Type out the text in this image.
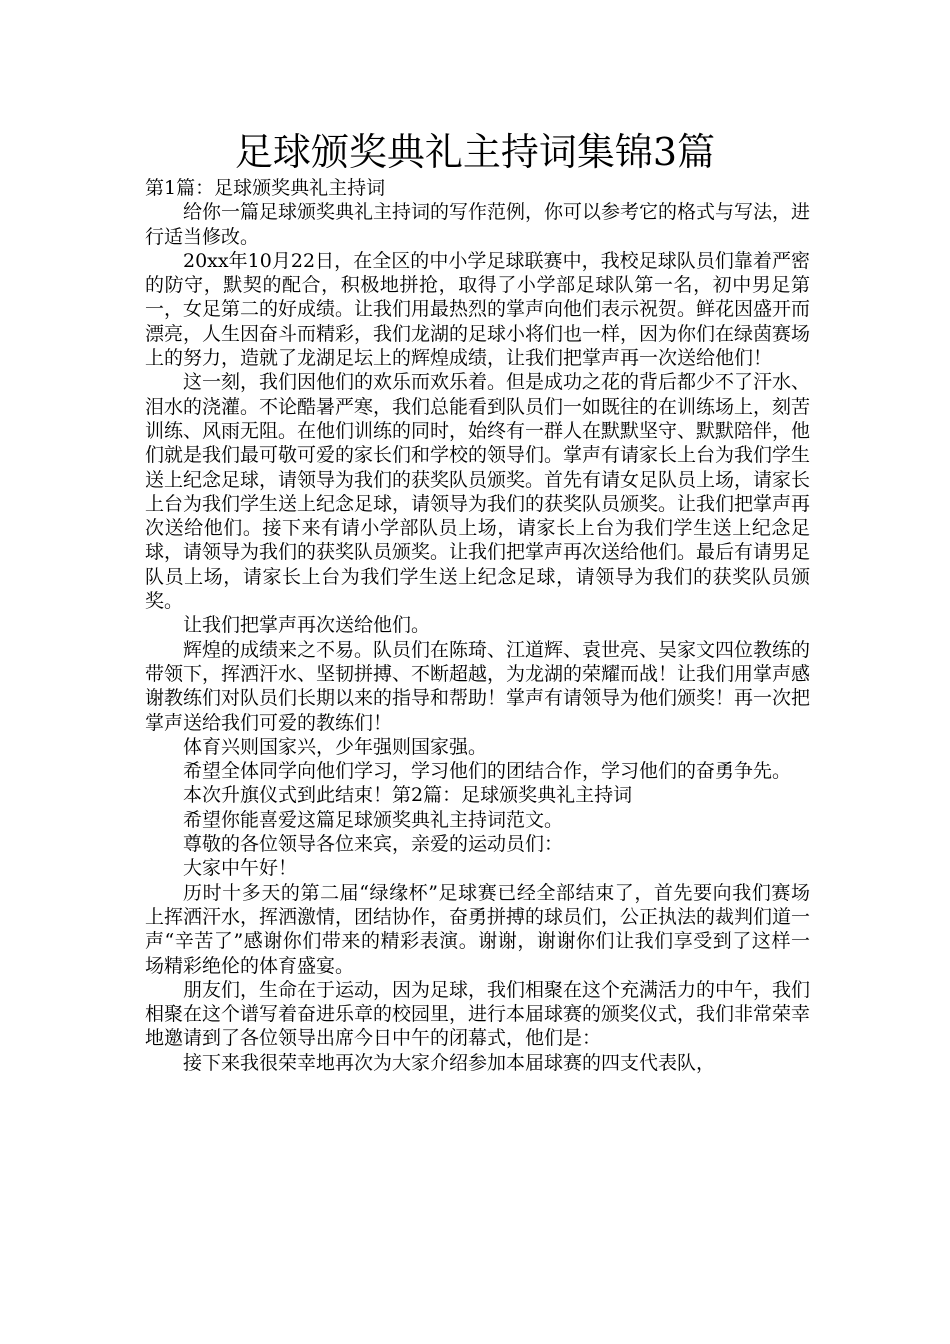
足球颁奖典礼主持词集锦3篇

第1篇：足球颁奖典礼主持词

给你一篇足球颁奖典礼主持词的写作范例，你可以参考它的格式与写法，进行适当修改。

20xx年10月22日，在全区的中小学足球联赛中，我校足球队员们靠着严密的防守，默契的配合，积极地拼抢，取得了小学部足球队第一名，初中男足第一，女足第二的好成绩。让我们用最热烈的掌声向他们表示祝贺。鲜花因盛开而漂亮，人生因奋斗而精彩，我们龙湖的足球小将们也一样，因为你们在绿茵赛场上的努力，造就了龙湖足坛上的辉煌成绩，让我们把掌声再一次送给他们！

这一刻，我们因他们的欢乐而欢乐着。但是成功之花的背后都少不了汗水、泪水的浇灌。不论酷暑严寒，我们总能看到队员们一如既往的在训练场上，刻苦训练、风雨无阻。在他们训练的同时，始终有一群人在默默坚守、默默陪伴，他们就是我们最可敬可爱的家长们和学校的领导们。掌声有请家长上台为我们学生送上纪念足球，请领导为我们的获奖队员颁奖。首先有请女足队员上场，请家长上台为我们学生送上纪念足球，请领导为我们的获奖队员颁奖。让我们把掌声再次送给他们。接下来有请小学部队员上场，请家长上台为我们学生送上纪念足球，请领导为我们的获奖队员颁奖。让我们把掌声再次送给他们。最后有请男足队员上场，请家长上台为我们学生送上纪念足球，请领导为我们的获奖队员颁奖。

让我们把掌声再次送给他们。

辉煌的成绩来之不易。队员们在陈琦、江道辉、袁世亮、吴家文四位教练的带领下，挥洒汗水、坚韧拼搏、不断超越，为龙湖的荣耀而战！让我们用掌声感谢教练们对队员们长期以来的指导和帮助！掌声有请领导为他们颁奖！再一次把掌声送给我们可爱的教练们！

体育兴则国家兴，少年强则国家强。

希望全体同学向他们学习，学习他们的团结合作，学习他们的奋勇争先。

本次升旗仪式到此结束！第2篇：足球颁奖典礼主持词

希望你能喜爱这篇足球颁奖典礼主持词范文。

尊敬的各位领导各位来宾，亲爱的运动员们：

大家中午好！

历时十多天的第二届“绿缘杯”足球赛已经全部结束了，首先要向我们赛场上挥洒汗水，挥洒激情，团结协作，奋勇拼搏的球员们，公正执法的裁判们道一声“辛苦了”感谢你们带来的精彩表演。谢谢，谢谢你们让我们享受到了这样一场精彩绝伦的体育盛宴。

朋友们，生命在于运动，因为足球，我们相聚在这个充满活力的中午，我们相聚在这个谱写着奋进乐章的校园里，进行本届球赛的颁奖仪式，我们非常荣幸地邀请到了各位领导出席今日中午的闭幕式，他们是：

接下来我很荣幸地再次为大家介绍参加本届球赛的四支代表队，
